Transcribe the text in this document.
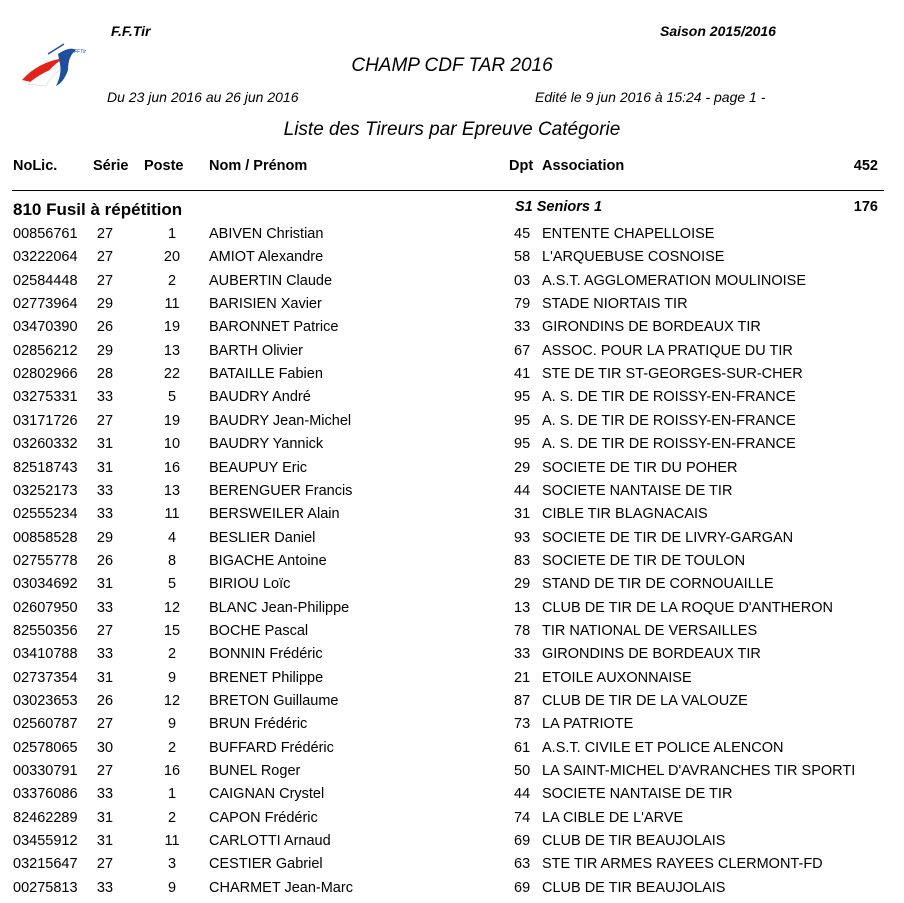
FFTir
F.F.Tir	Saison 2015/2016
CHAMP CDF TAR 2016
Du 23 jun 2016 au 26 jun 2016	Edité le 9 jun 2016 à 15:24 - page 1 -
Liste des Tireurs par Epreuve Catégorie
NoLic. Série Poste Nom / Prénom	Dpt Association	452
810 Fusil à répétition	S1 Seniors 1	176
00856761	27	1	ABIVEN Christian	45 ENTENTE CHAPELLOISE
03222064	27	20	AMIOT Alexandre	58 L'ARQUEBUSE COSNOISE
02584448	27	2	AUBERTIN Claude	03 A.S.T. AGGLOMERATION MOULINOISE
02773964	29	11	BARISIEN Xavier	79 STADE NIORTAIS TIR
03470390	26	19	BARONNET Patrice	33 GIRONDINS DE BORDEAUX TIR
02856212	29	13	BARTH Olivier	67 ASSOC. POUR LA PRATIQUE DU TIR
02802966	28	22	BATAILLE Fabien	41 STE DE TIR ST-GEORGES-SUR-CHER
03275331	33	5	BAUDRY André	95 A. S. DE TIR DE ROISSY-EN-FRANCE
03171726	27	19	BAUDRY Jean-Michel	95 A. S. DE TIR DE ROISSY-EN-FRANCE
03260332	31	10	BAUDRY Yannick	95 A. S. DE TIR DE ROISSY-EN-FRANCE
82518743	31	16	BEAUPUY Eric	29 SOCIETE DE TIR DU POHER
03252173	33	13	BERENGUER Francis	44 SOCIETE NANTAISE DE TIR
02555234	33	11	BERSWEILER Alain	31 CIBLE TIR BLAGNACAIS
00858528	29	4	BESLIER Daniel	93 SOCIETE DE TIR DE LIVRY-GARGAN
02755778	26	8	BIGACHE Antoine	83 SOCIETE DE TIR DE TOULON
03034692	31	5	BIRIOU Loïc	29 STAND DE TIR DE CORNOUAILLE
02607950	33	12	BLANC Jean-Philippe	13 CLUB DE TIR DE LA ROQUE D'ANTHERON
82550356	27	15	BOCHE Pascal	78 TIR NATIONAL DE VERSAILLES
03410788	33	2	BONNIN Frédéric	33 GIRONDINS DE BORDEAUX TIR
02737354	31	9	BRENET Philippe	21 ETOILE AUXONNAISE
03023653	26	12	BRETON Guillaume	87 CLUB DE TIR DE LA VALOUZE
02560787	27	9	BRUN Frédéric	73 LA PATRIOTE
02578065	30	2	BUFFARD Frédéric	61 A.S.T. CIVILE ET POLICE ALENCON
00330791	27	16	BUNEL Roger	50 LA SAINT-MICHEL D'AVRANCHES TIR SPORTI
03376086	33	1	CAIGNAN Crystel	44 SOCIETE NANTAISE DE TIR
82462289	31	2	CAPON Frédéric	74 LA CIBLE DE L'ARVE
03455912	31	11	CARLOTTI Arnaud	69 CLUB DE TIR BEAUJOLAIS
03215647	27	3	CESTIER Gabriel	63 STE TIR ARMES RAYEES CLERMONT-FD
00275813	33	9	CHARMET Jean-Marc	69 CLUB DE TIR BEAUJOLAIS
